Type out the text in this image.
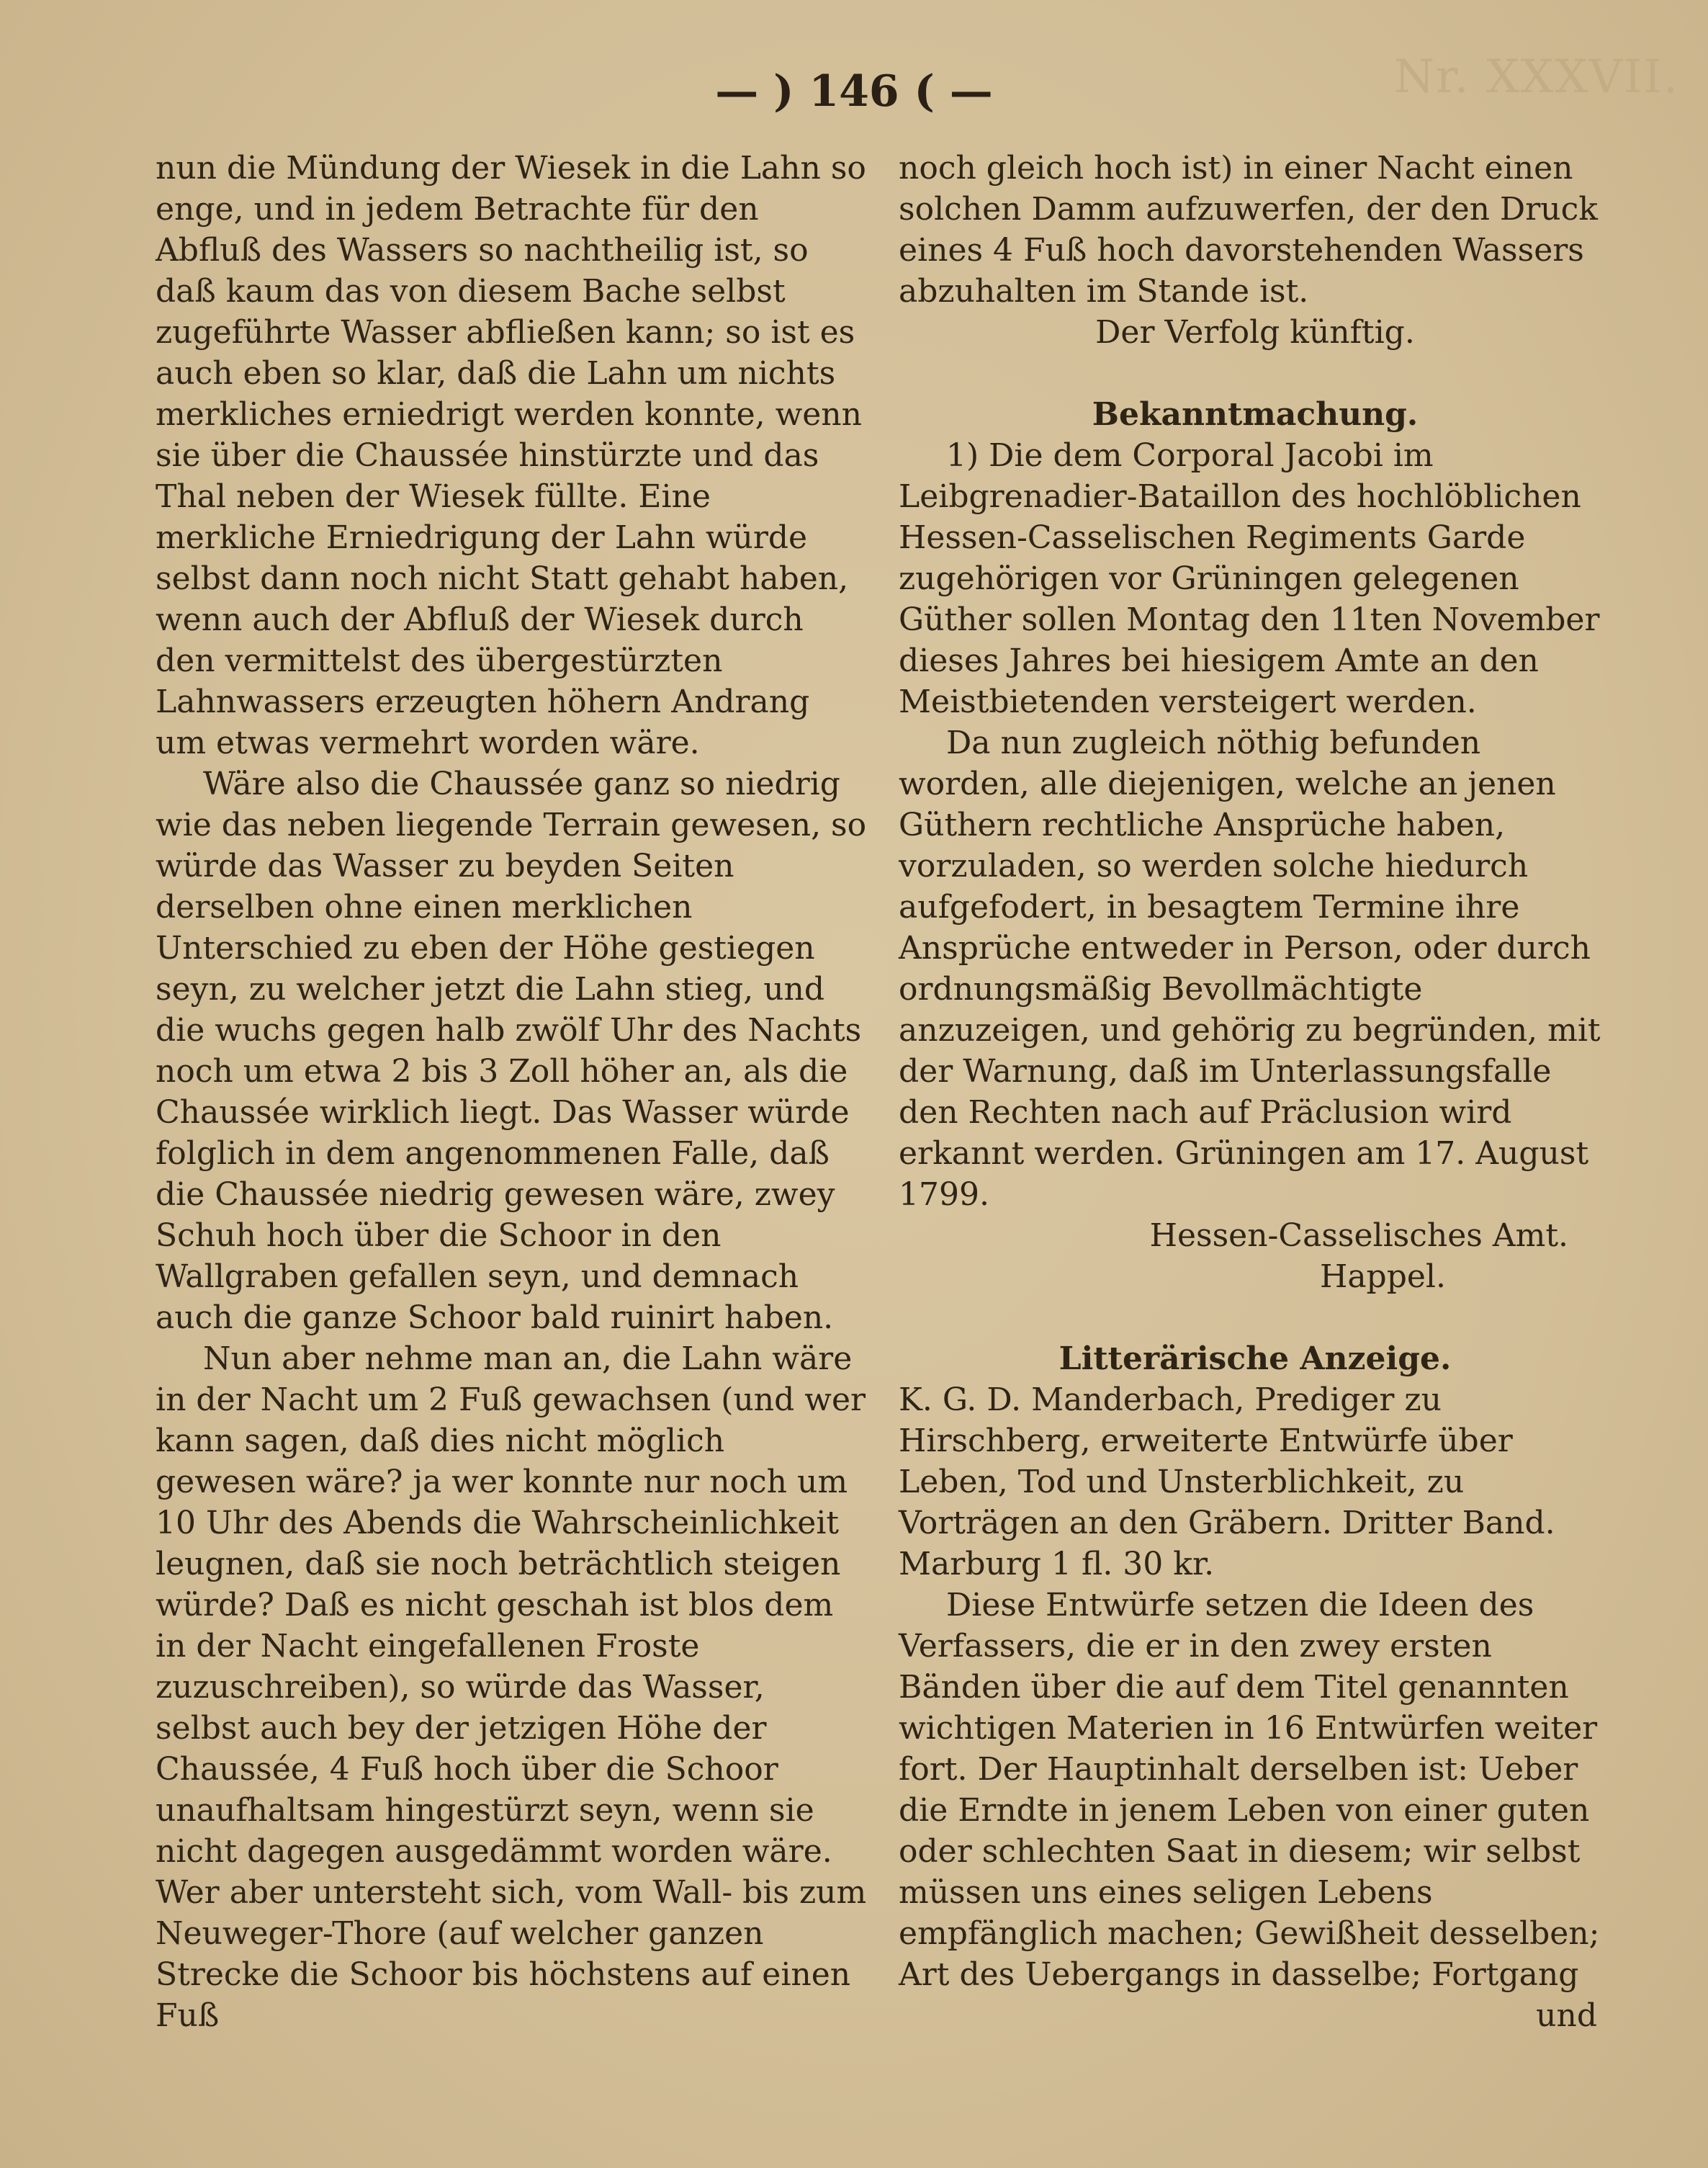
Nr. XXXVII.
— ) 146 ( —

nun die Mündung der Wiesek in die Lahn so enge, und in jedem Betrachte für den Abfluß des Wassers so nachtheilig ist, so daß kaum das von diesem Bache selbst zugeführte Wasser abfließen kann; so ist es auch eben so klar, daß die Lahn um nichts merkliches erniedrigt werden konnte, wenn sie über die Chaussée hinstürzte und das Thal neben der Wiesek füllte. Eine merkliche Erniedrigung der Lahn würde selbst dann noch nicht Statt gehabt haben, wenn auch der Abfluß der Wiesek durch den vermittelst des übergestürzten Lahnwassers erzeugten höhern Andrang um etwas vermehrt worden wäre.

Wäre also die Chaussée ganz so niedrig wie das neben liegende Terrain gewesen, so würde das Wasser zu beyden Seiten derselben ohne einen merklichen Unterschied zu eben der Höhe gestiegen seyn, zu welcher jetzt die Lahn stieg, und die wuchs gegen halb zwölf Uhr des Nachts noch um etwa 2 bis 3 Zoll höher an, als die Chaussée wirklich liegt. Das Wasser würde folglich in dem angenommenen Falle, daß die Chaussée niedrig gewesen wäre, zwey Schuh hoch über die Schoor in den Wallgraben gefallen seyn, und demnach auch die ganze Schoor bald ruinirt haben.

Nun aber nehme man an, die Lahn wäre in der Nacht um 2 Fuß gewachsen (und wer kann sagen, daß dies nicht möglich gewesen wäre? ja wer konnte nur noch um 10 Uhr des Abends die Wahrscheinlichkeit leugnen, daß sie noch beträchtlich steigen würde? Daß es nicht geschah ist blos dem in der Nacht eingefallenen Froste zuzuschreiben), so würde das Wasser, selbst auch bey der jetzigen Höhe der Chaussée, 4 Fuß hoch über die Schoor unaufhaltsam hingestürzt seyn, wenn sie nicht dagegen ausgedämmt worden wäre. Wer aber untersteht sich, vom Wall- bis zum Neuweger-Thore (auf welcher ganzen Strecke die Schoor bis höchstens auf einen Fuß

noch gleich hoch ist) in einer Nacht einen solchen Damm aufzuwerfen, der den Druck eines 4 Fuß hoch davorstehenden Wassers abzuhalten im Stande ist.

Der Verfolg künftig.

Bekanntmachung.

1) Die dem Corporal Jacobi im Leibgrenadier-Bataillon des hochlöblichen Hessen-Casselischen Regiments Garde zugehörigen vor Grüningen gelegenen Güther sollen Montag den 11ten November dieses Jahres bei hiesigem Amte an den Meistbietenden versteigert werden.

Da nun zugleich nöthig befunden worden, alle diejenigen, welche an jenen Güthern rechtliche Ansprüche haben, vorzuladen, so werden solche hiedurch aufgefodert, in besagtem Termine ihre Ansprüche entweder in Person, oder durch ordnungsmäßig Bevollmächtigte anzuzeigen, und gehörig zu begründen, mit der Warnung, daß im Unterlassungsfalle den Rechten nach auf Präclusion wird erkannt werden. Grüningen am 17. August 1799.

Hessen-Casselisches Amt.

Happel.

Litterärische Anzeige.

K. G. D. Manderbach, Prediger zu Hirschberg, erweiterte Entwürfe über Leben, Tod und Unsterblichkeit, zu Vorträgen an den Gräbern. Dritter Band. Marburg 1 fl. 30 kr.

Diese Entwürfe setzen die Ideen des Verfassers, die er in den zwey ersten Bänden über die auf dem Titel genannten wichtigen Materien in 16 Entwürfen weiter fort. Der Hauptinhalt derselben ist: Ueber die Erndte in jenem Leben von einer guten oder schlechten Saat in diesem; wir selbst müssen uns eines seligen Lebens empfänglich machen; Gewißheit desselben; Art des Uebergangs in dasselbe; Fortgang

und
